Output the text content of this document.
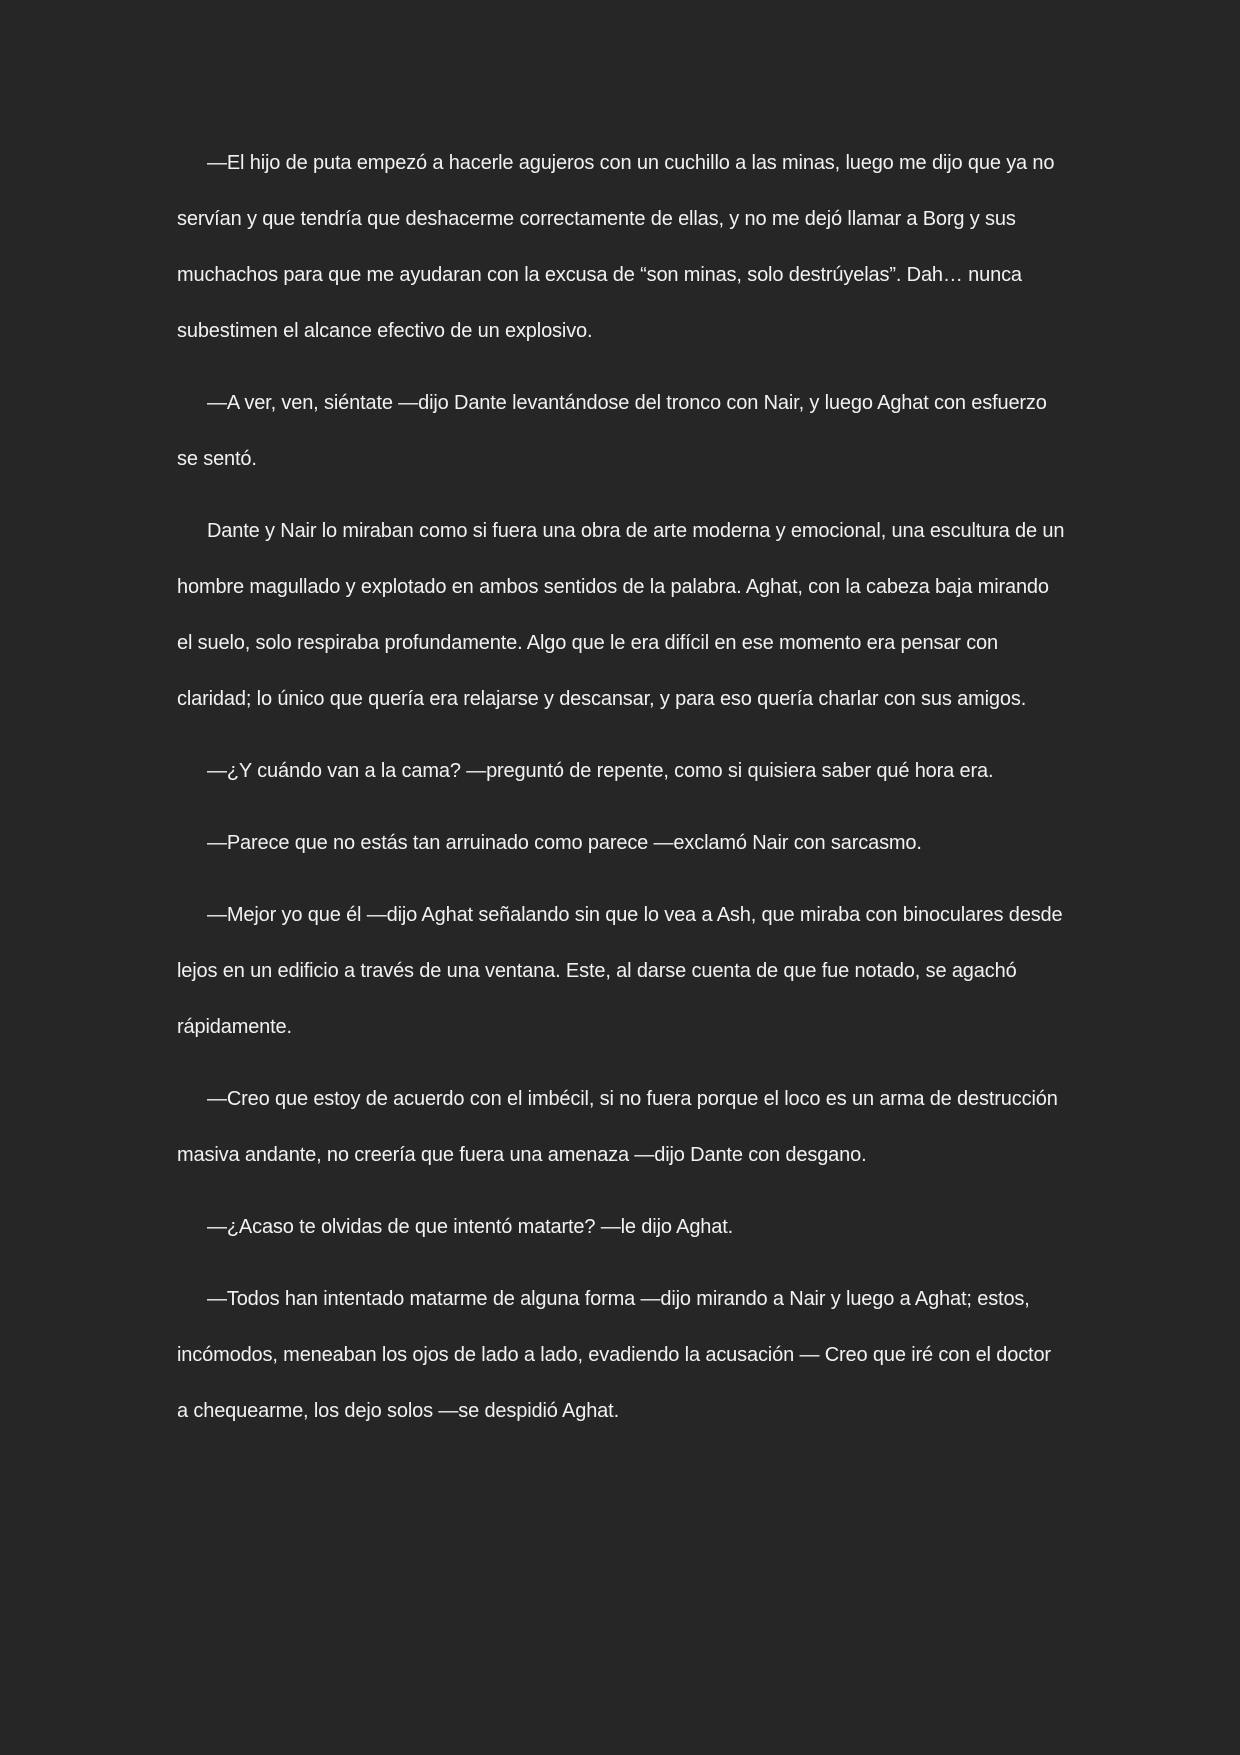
—El hijo de puta empezó a hacerle agujeros con un cuchillo a las minas, luego me dijo que ya no servían y que tendría que deshacerme correctamente de ellas, y no me dejó llamar a Borg y sus muchachos para que me ayudaran con la excusa de “son minas, solo destrúyelas”. Dah… nunca subestimen el alcance efectivo de un explosivo.

—A ver, ven, siéntate —dijo Dante levantándose del tronco con Nair, y luego Aghat con esfuerzo se sentó.

Dante y Nair lo miraban como si fuera una obra de arte moderna y emocional, una escultura de un hombre magullado y explotado en ambos sentidos de la palabra. Aghat, con la cabeza baja mirando el suelo, solo respiraba profundamente. Algo que le era difícil en ese momento era pensar con claridad; lo único que quería era relajarse y descansar, y para eso quería charlar con sus amigos.

—¿Y cuándo van a la cama? —preguntó de repente, como si quisiera saber qué hora era.

—Parece que no estás tan arruinado como parece —exclamó Nair con sarcasmo.

—Mejor yo que él —dijo Aghat señalando sin que lo vea a Ash, que miraba con binoculares desde lejos en un edificio a través de una ventana. Este, al darse cuenta de que fue notado, se agachó rápidamente.

—Creo que estoy de acuerdo con el imbécil, si no fuera porque el loco es un arma de destrucción masiva andante, no creería que fuera una amenaza —dijo Dante con desgano.

—¿Acaso te olvidas de que intentó matarte? —le dijo Aghat.

—Todos han intentado matarme de alguna forma —dijo mirando a Nair y luego a Aghat; estos, incómodos, meneaban los ojos de lado a lado, evadiendo la acusación — Creo que iré con el doctor a chequearme, los dejo solos —se despidió Aghat.
